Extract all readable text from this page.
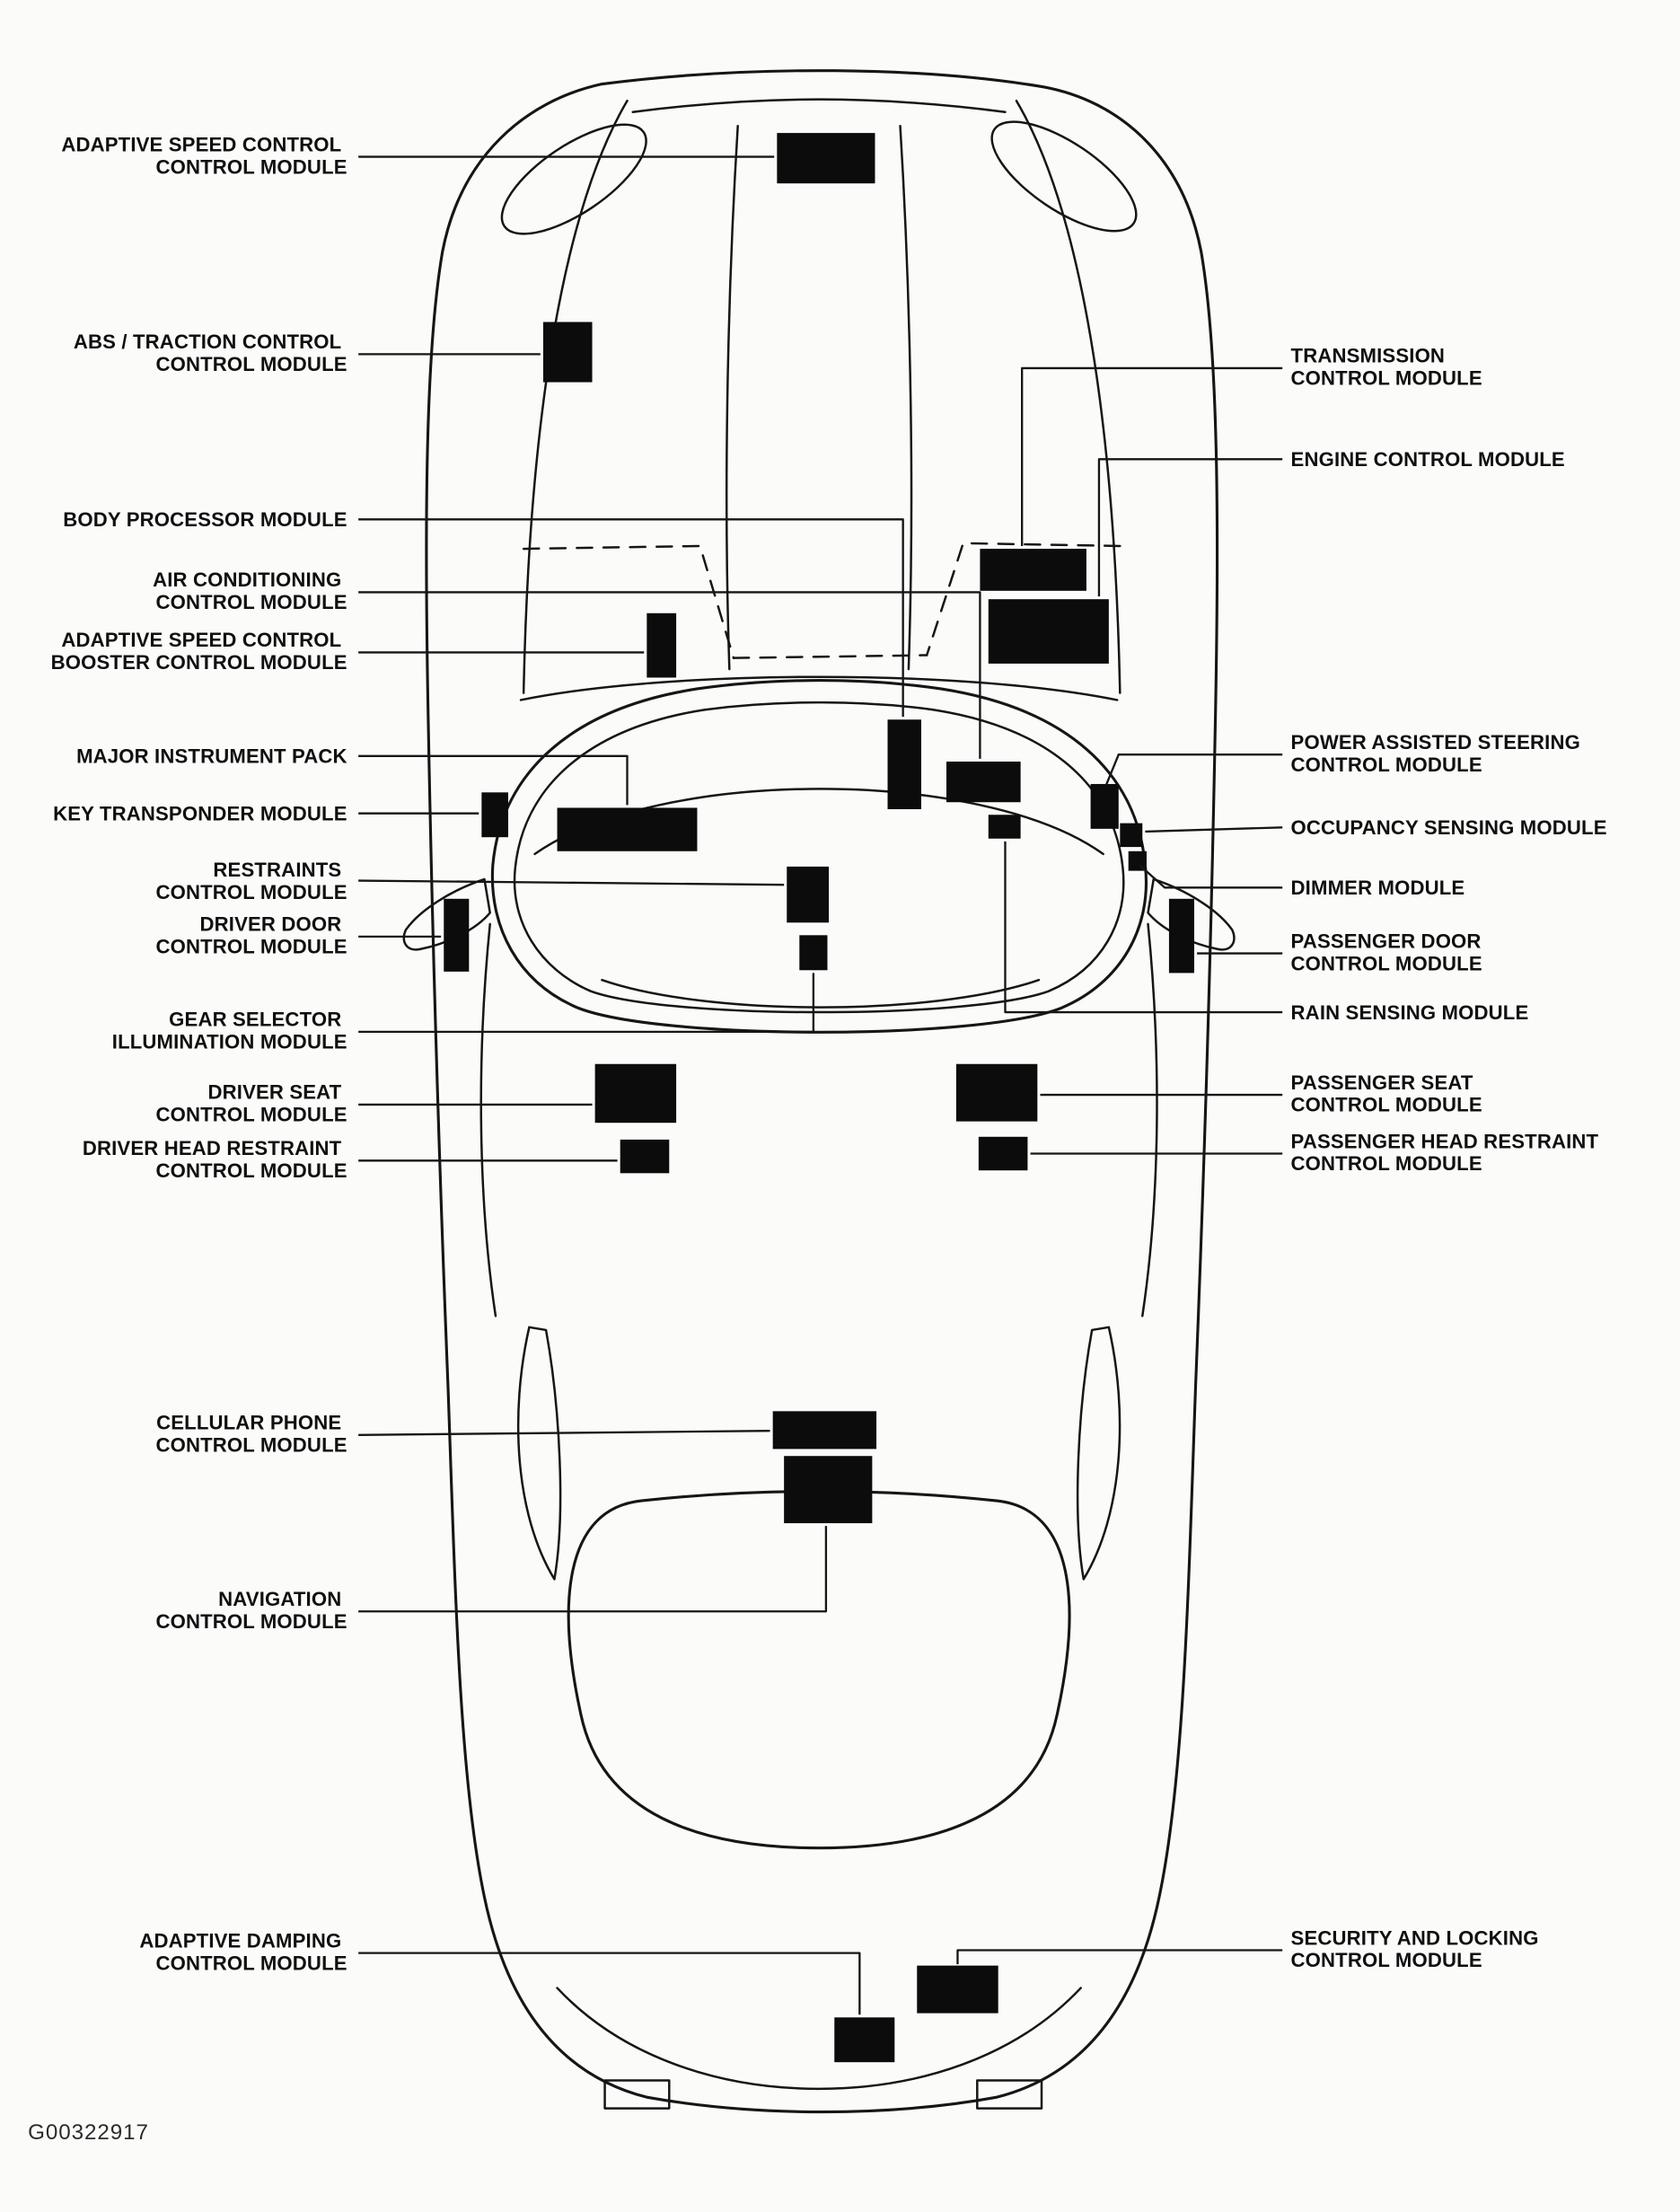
ADAPTIVE SPEED CONTROL CONTROL MODULE
ABS / TRACTION CONTROL CONTROL MODULE
BODY PROCESSOR MODULE
AIR CONDITIONING CONTROL MODULE
ADAPTIVE SPEED CONTROL BOOSTER CONTROL MODULE
MAJOR INSTRUMENT PACK
KEY TRANSPONDER MODULE
RESTRAINTS CONTROL MODULE
DRIVER DOOR CONTROL MODULE
GEAR SELECTOR ILLUMINATION MODULE
DRIVER SEAT CONTROL MODULE
DRIVER HEAD RESTRAINT CONTROL MODULE
CELLULAR PHONE CONTROL MODULE
NAVIGATION CONTROL MODULE
ADAPTIVE DAMPING CONTROL MODULE
TRANSMISSION CONTROL MODULE
ENGINE CONTROL MODULE
POWER ASSISTED STEERING CONTROL MODULE
OCCUPANCY SENSING MODULE
DIMMER MODULE
PASSENGER DOOR CONTROL MODULE
RAIN SENSING MODULE
PASSENGER SEAT CONTROL MODULE
PASSENGER HEAD RESTRAINT CONTROL MODULE
SECURITY AND LOCKING CONTROL MODULE
G00322917
